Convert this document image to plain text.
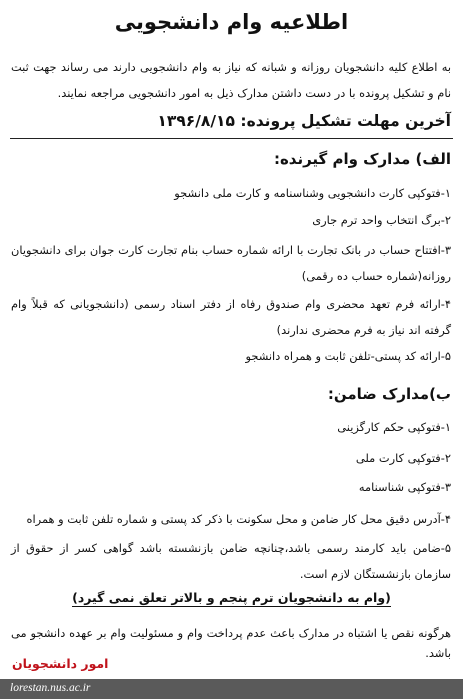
اطلاعیه وام دانشجویی

به اطلاع کلیه دانشجویان روزانه و شبانه که نیاز به وام دانشجویی دارند می رساند جهت ثبت نام و تشکیل پرونده با در دست داشتن مدارک ذیل به امور دانشجویی مراجعه نمایند.

آخرین مهلت تشکیل پرونده: ۱۳۹۶/۸/۱۵
الف) مدارک وام گیرنده:

۱-فتوکپی کارت دانشجویی وشناسنامه و کارت ملی دانشجو

۲-برگ انتخاب واحد ترم جاری

۳-افتتاح حساب در بانک تجارت با ارائه شماره حساب بنام تجارت کارت جوان برای دانشجویان روزانه(شماره حساب ده رقمی)

۴-ارائه فرم تعهد محضری وام صندوق رفاه از دفتر اسناد رسمی (دانشجویانی که قبلاً وام گرفته اند نیاز به فرم محضری ندارند)

۵-ارائه کد پستی-تلفن ثابت و همراه دانشجو

ب)مدارک ضامن:

۱-فتوکپی حکم کارگزینی

۲-فتوکپی کارت ملی

۳-فتوکپی شناسنامه

۴-آدرس دقیق محل کار ضامن و محل سکونت با ذکر کد پستی و شماره تلفن ثابت و همراه

۵-ضامن باید کارمند رسمی باشد،چنانچه ضامن بازنشسته باشد گواهی کسر از حقوق از سازمان بازنشستگان لازم است.

(وام به دانشجویان ترم پنجم و بالاتر تعلق نمی گیرد)
هرگونه نقص یا اشتباه در مدارک باعث عدم پرداخت وام و مسئولیت وام بر عهده دانشجو می باشد.
امور دانشجویان
lorestan.nus.ac.ir
